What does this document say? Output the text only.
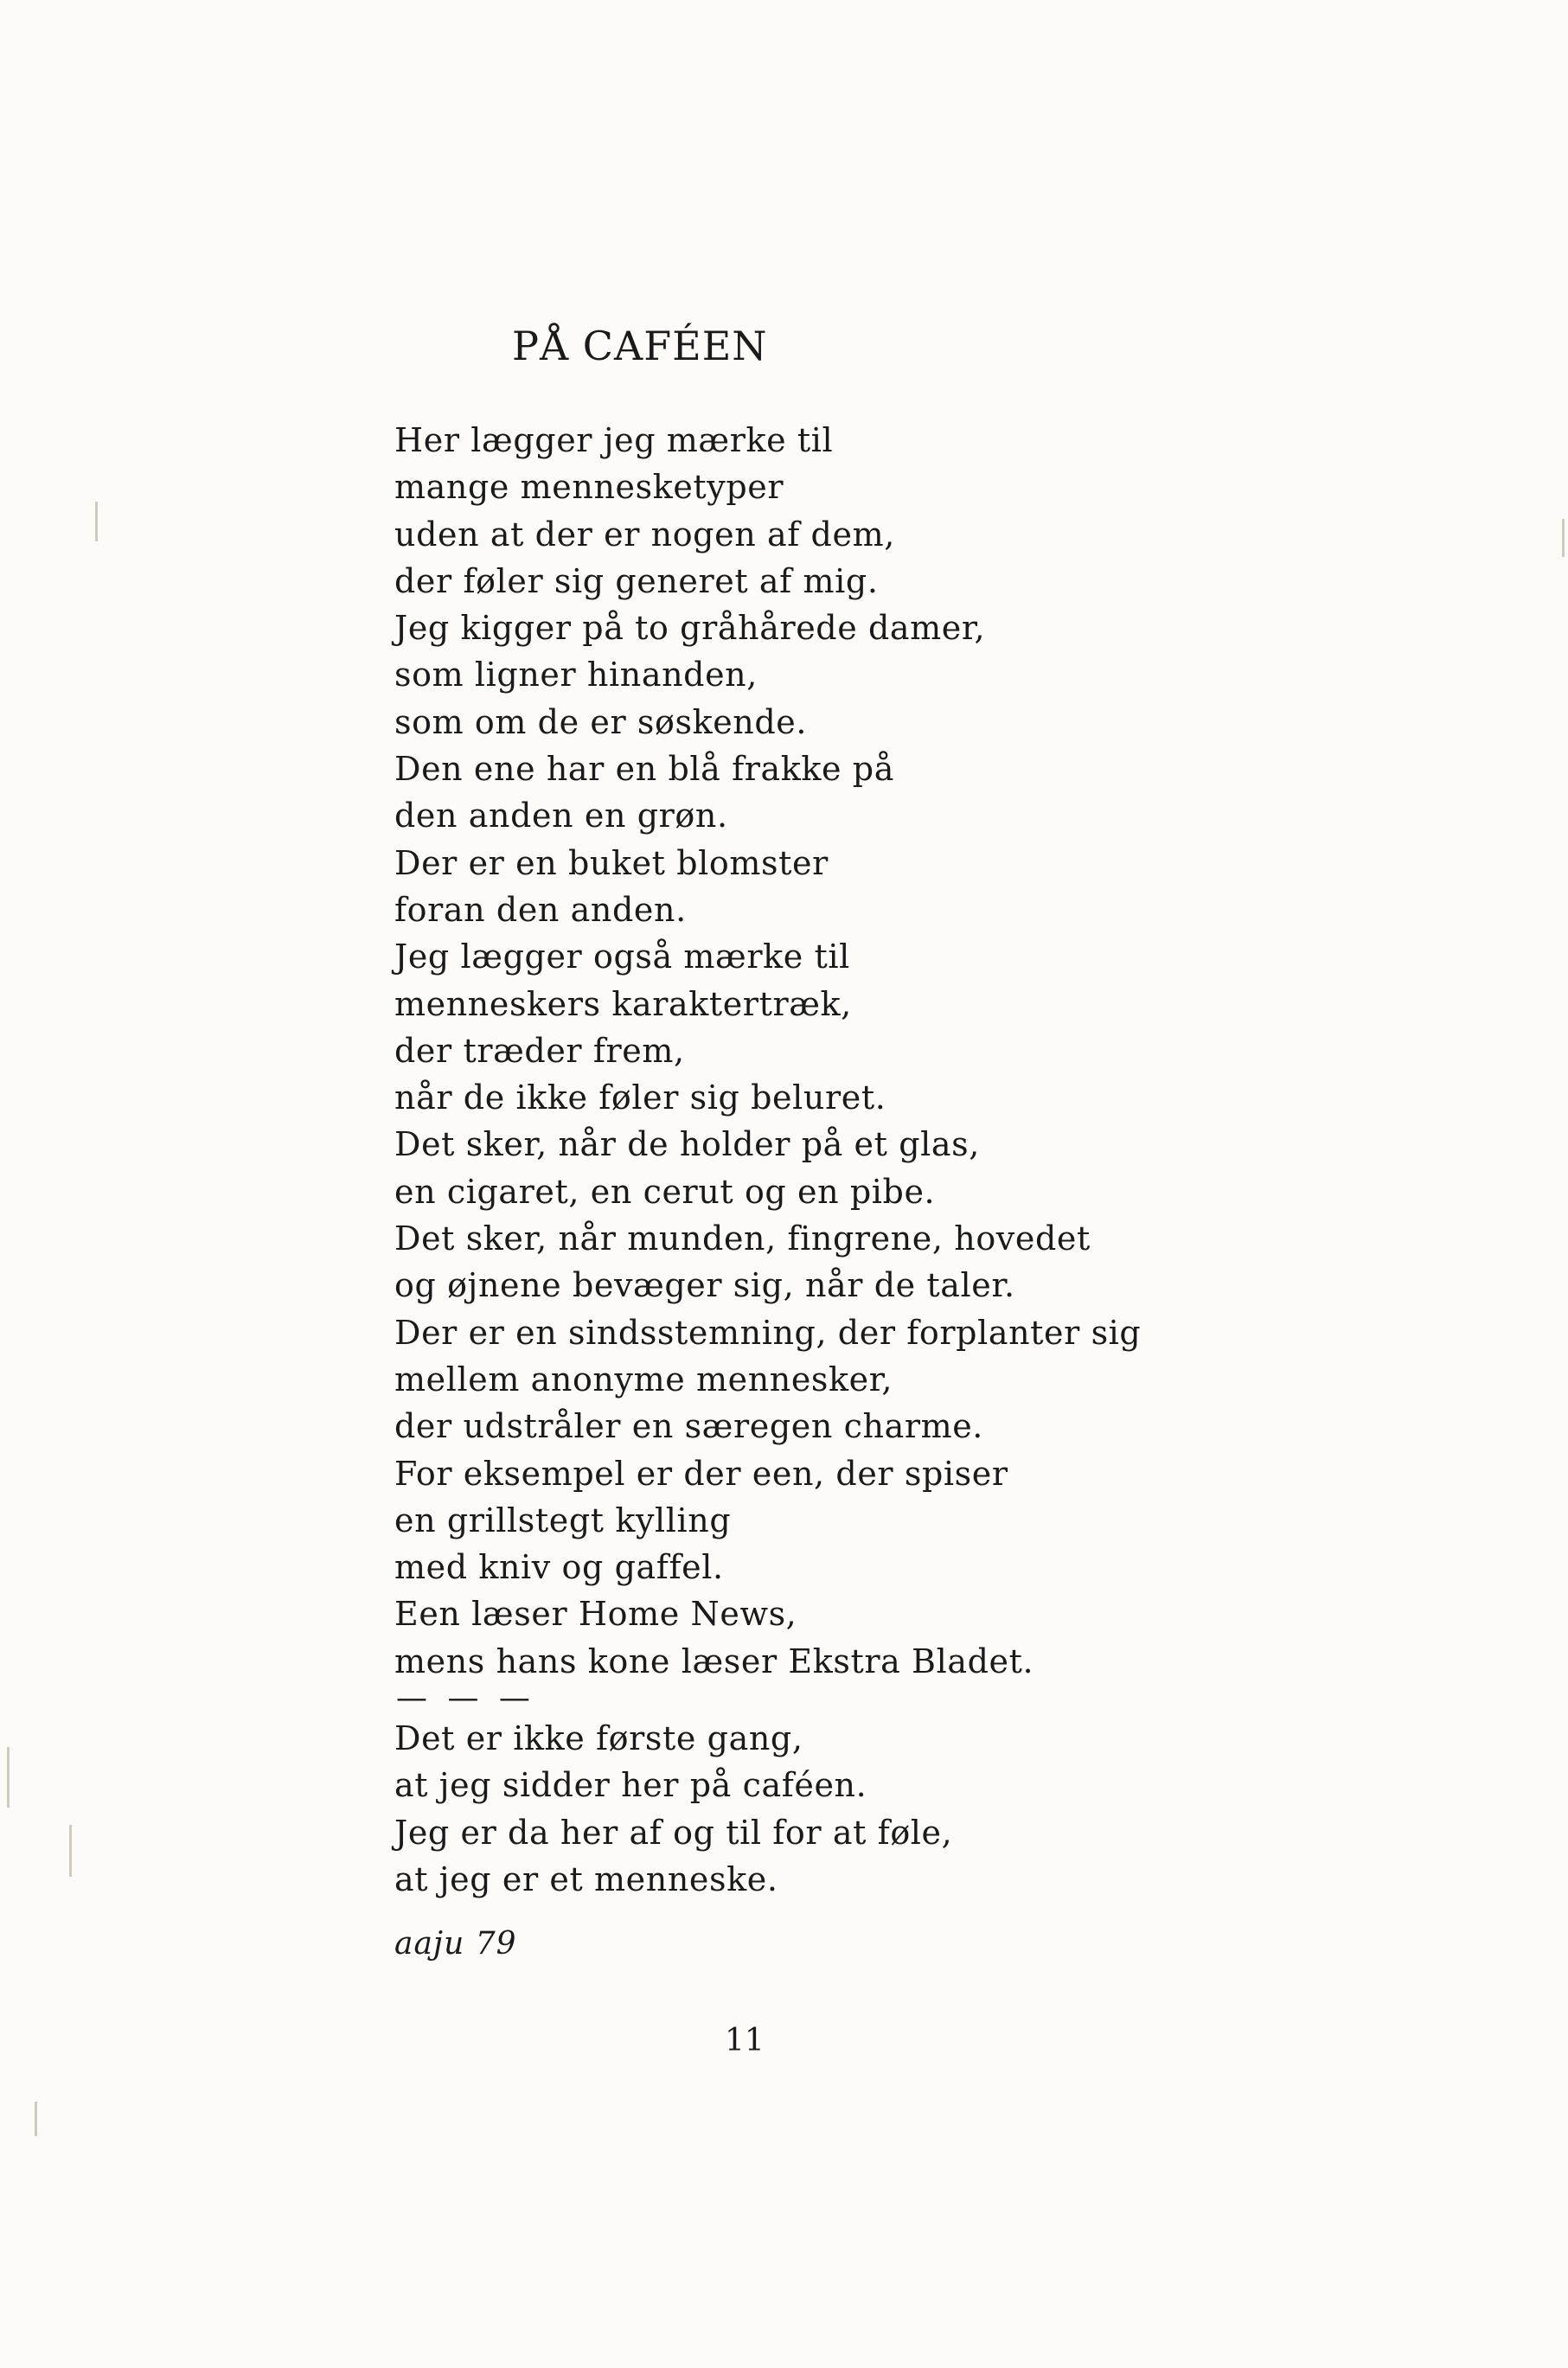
PÅ CAFÉEN
Her lægger jeg mærke til
mange mennesketyper
uden at der er nogen af dem,
der føler sig generet af mig.
Jeg kigger på to gråhårede damer,
som ligner hinanden,
som om de er søskende.
Den ene har en blå frakke på
den anden en grøn.
Der er en buket blomster
foran den anden.
Jeg lægger også mærke til
menneskers karaktertræk,
der træder frem,
når de ikke føler sig beluret.
Det sker, når de holder på et glas,
en cigaret, en cerut og en pibe.
Det sker, når munden, fingrene, hovedet
og øjnene bevæger sig, når de taler.
Der er en sindsstemning, der forplanter sig
mellem anonyme mennesker,
der udstråler en særegen charme.
For eksempel er der een, der spiser
en grillstegt kylling
med kniv og gaffel.
Een læser Home News,
mens hans kone læser Ekstra Bladet.
— — —
Det er ikke første gang,
at jeg sidder her på caféen.
Jeg er da her af og til for at føle,
at jeg er et menneske.
aaju 79
11
